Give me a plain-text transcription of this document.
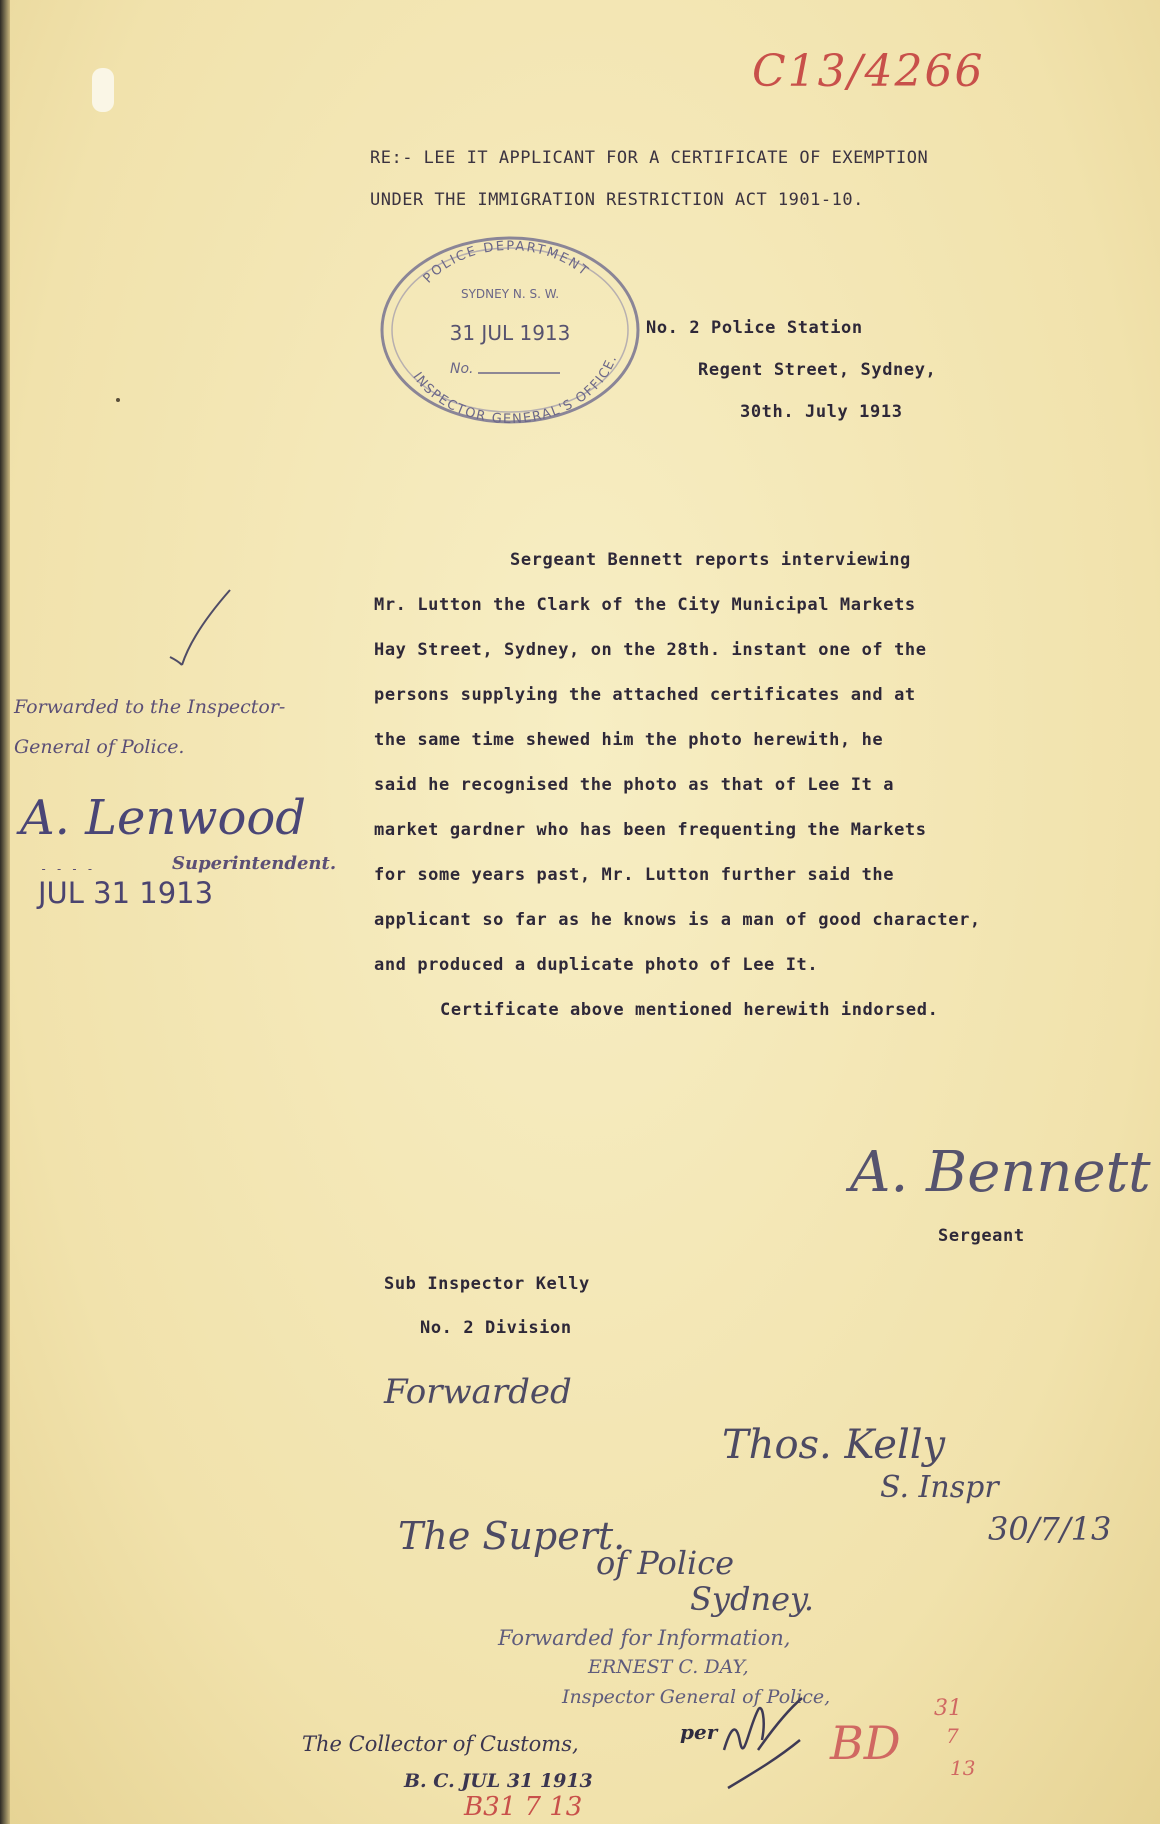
C13/4266
RE:- LEE IT APPLICANT FOR A CERTIFICATE OF EXEMPTION
UNDER THE IMMIGRATION RESTRICTION ACT 1901-10.
POLICE DEPARTMENT
SYDNEY N. S. W.
31 JUL 1913
No.
INSPECTOR GENERAL'S OFFICE.
No. 2 Police Station
Regent Street, Sydney,
30th. July 1913
Sergeant Bennett reports interviewing
Mr. Lutton the Clark of the City Municipal Markets
Hay Street, Sydney, on the 28th. instant one of the
persons supplying the attached certificates and at
the same time shewed him the photo herewith, he
said he recognised the photo as that of Lee It a
market gardner who has been frequenting the Markets
for some years past, Mr. Lutton further said the
applicant so far as he knows is a man of good character,
and produced a duplicate photo of Lee It.
Certificate above mentioned herewith indorsed.
Forwarded to the Inspector-
General of Police.
A. Lenwood
Superintendent.
- - - -
JUL 31 1913
A. Bennett
Sergeant
Sub Inspector Kelly
No. 2 Division
Forwarded
Thos. Kelly
S. Inspr
30/7/13
The Supert.
of Police
Sydney.
Forwarded for Information,
ERNEST C. DAY,
Inspector General of Police,
per
The Collector of Customs,
B. C. JUL 31 1913
B31 7 13
BD
31
7
13
